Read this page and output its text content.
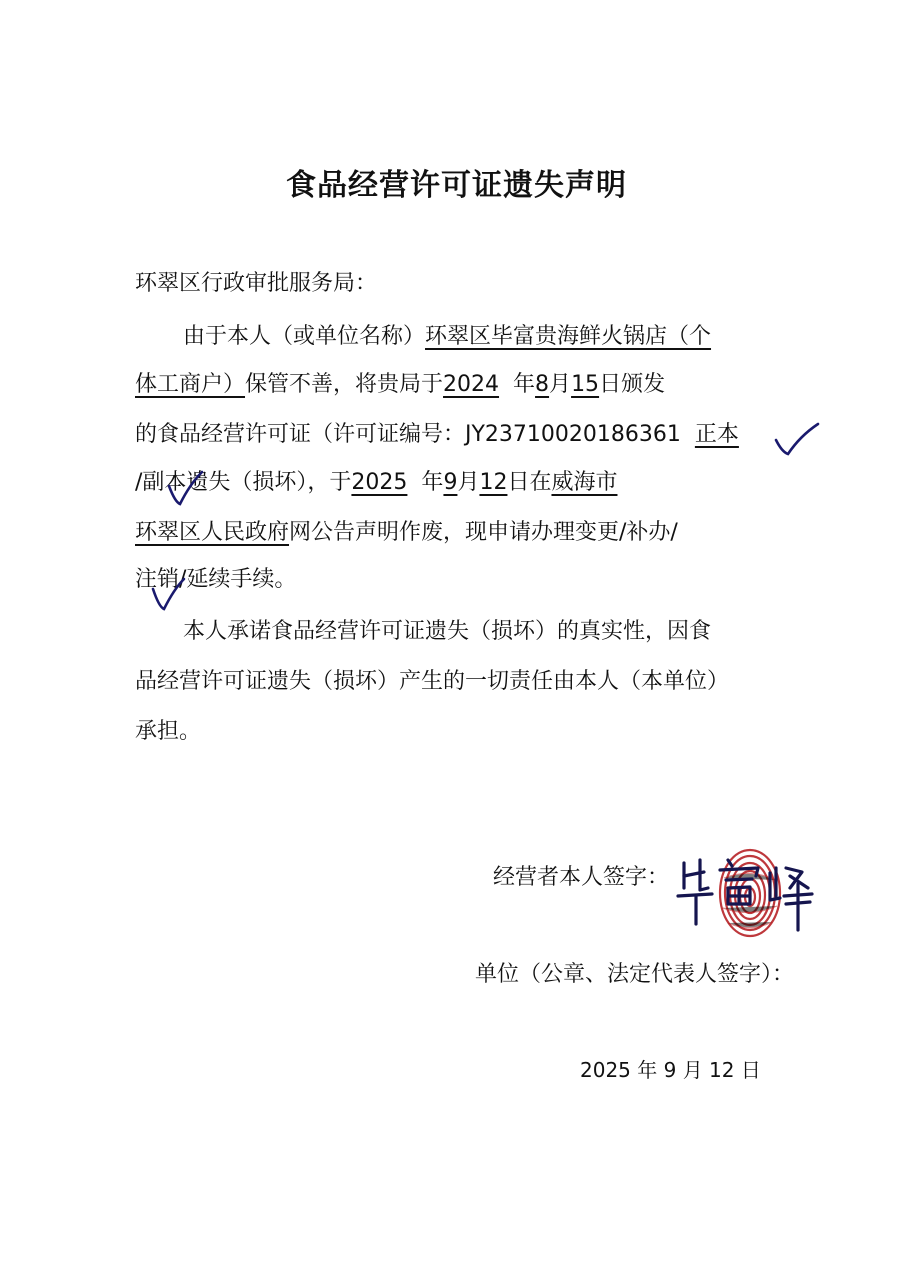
食品经营许可证遗失声明
环翠区行政审批服务局：
由于本人（或单位名称）环翠区毕富贵海鲜火锅店（个
体工商户）保管不善，将贵局于2024 年8月15日颁发
的食品经营许可证（许可证编号：JY23710020186361 正本
/副本遗失（损坏），于2025 年9月12日在威海市
环翠区人民政府网公告声明作废，现申请办理变更/补办/
注销/延续手续。
本人承诺食品经营许可证遗失（损坏）的真实性，因食
品经营许可证遗失（损坏）产生的一切责任由本人（本单位）
承担。
经营者本人签字：
单位（公章、法定代表人签字）：
2025 年 9 月 12 日
